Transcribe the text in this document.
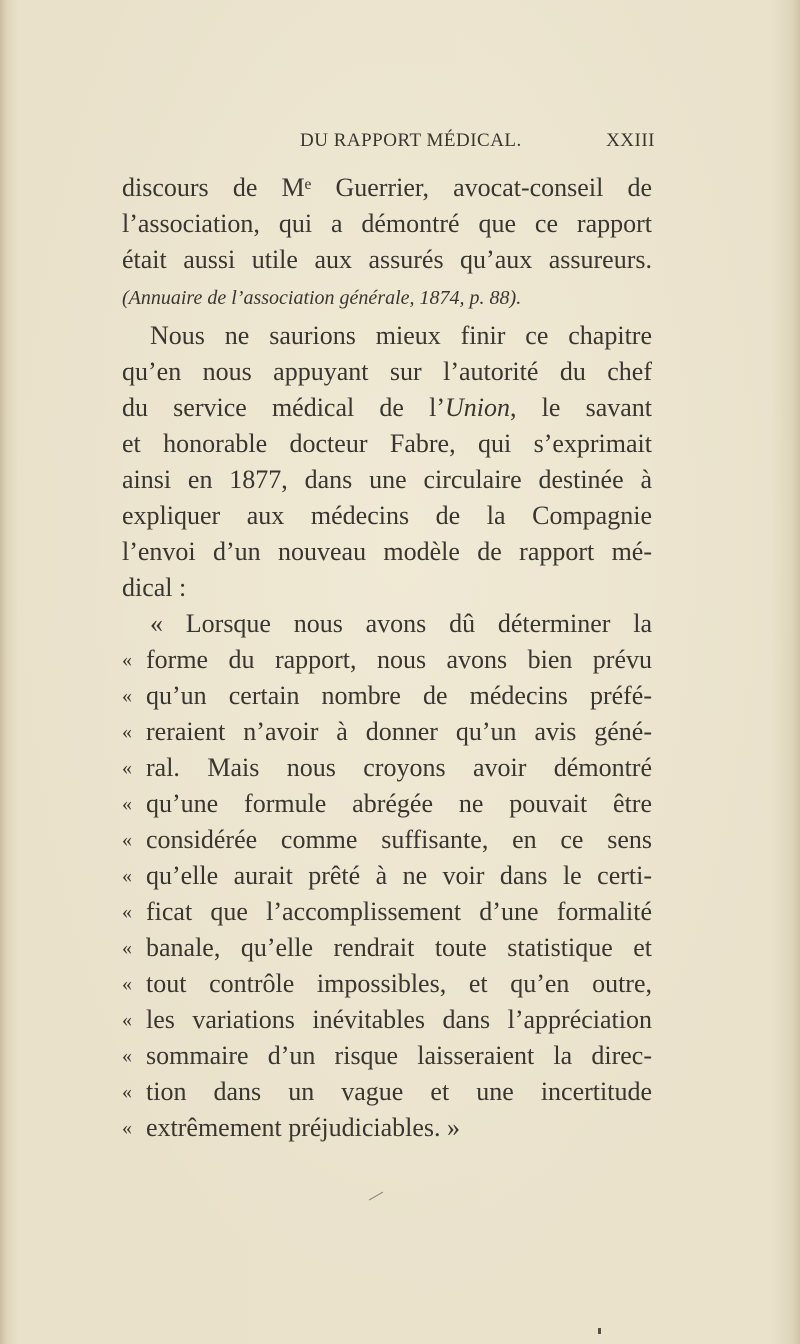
DU RAPPORT MÉDICAL.	XXIII
discours de Mᵉ Guerrier, avocat-conseil de
l’association, qui a démontré que ce rapport
était aussi utile aux assurés qu’aux assureurs.
(Annuaire de l’association générale, 1874, p. 88).
Nous ne saurions mieux finir ce chapitre
qu’en nous appuyant sur l’autorité du chef
du service médical de l’Union, le savant
et honorable docteur Fabre, qui s’exprimait
ainsi en 1877, dans une circulaire destinée à
expliquer aux médecins de la Compagnie
l’envoi d’un nouveau modèle de rapport mé-
dical :
« Lorsque nous avons dû déterminer la
« forme du rapport, nous avons bien prévu
« qu’un certain nombre de médecins préfé-
« reraient n’avoir à donner qu’un avis géné-
« ral. Mais nous croyons avoir démontré
« qu’une formule abrégée ne pouvait être
« considérée comme suffisante, en ce sens
« qu’elle aurait prêté à ne voir dans le certi-
« ficat que l’accomplissement d’une formalité
« banale, qu’elle rendrait toute statistique et
« tout contrôle impossibles, et qu’en outre,
« les variations inévitables dans l’appréciation
« sommaire d’un risque laisseraient la direc-
« tion dans un vague et une incertitude
« extrêmement préjudiciables. »
